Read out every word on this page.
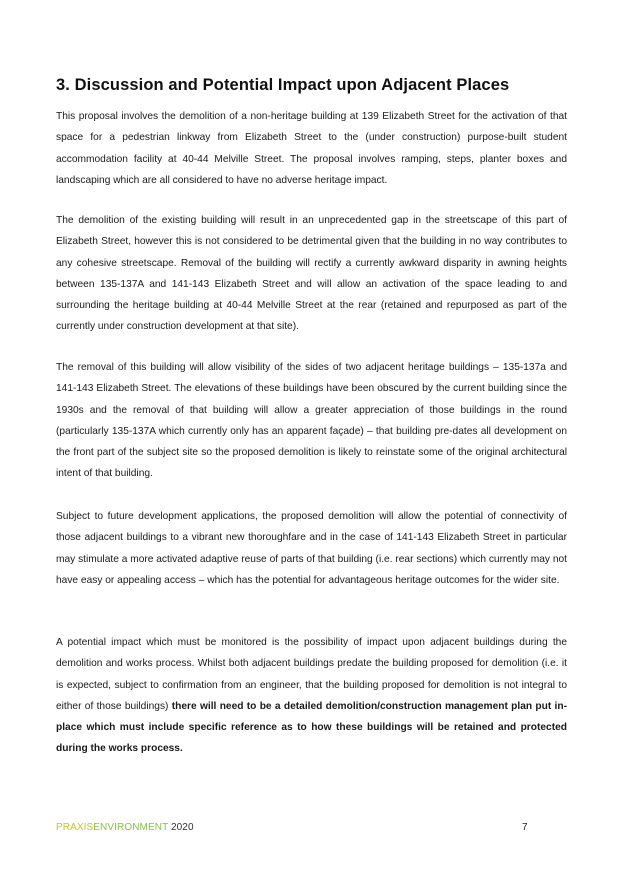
3. Discussion and Potential Impact upon Adjacent Places

This proposal involves the demolition of a non-heritage building at 139 Elizabeth Street for the activation of that space for a pedestrian linkway from Elizabeth Street to the (under construction) purpose-built student accommodation facility at 40-44 Melville Street. The proposal involves ramping, steps, planter boxes and landscaping which are all considered to have no adverse heritage impact.

The demolition of the existing building will result in an unprecedented gap in the streetscape of this part of Elizabeth Street, however this is not considered to be detrimental given that the building in no way contributes to any cohesive streetscape. Removal of the building will rectify a currently awkward disparity in awning heights between 135-137A and 141-143 Elizabeth Street and will allow an activation of the space leading to and surrounding the heritage building at 40-44 Melville Street at the rear (retained and repurposed as part of the currently under construction development at that site).

The removal of this building will allow visibility of the sides of two adjacent heritage buildings – 135-137a and 141-143 Elizabeth Street. The elevations of these buildings have been obscured by the current building since the 1930s and the removal of that building will allow a greater appreciation of those buildings in the round (particularly 135-137A which currently only has an apparent façade) – that building pre-dates all development on the front part of the subject site so the proposed demolition is likely to reinstate some of the original architectural intent of that building.

Subject to future development applications, the proposed demolition will allow the potential of connectivity of those adjacent buildings to a vibrant new thoroughfare and in the case of 141-143 Elizabeth Street in particular may stimulate a more activated adaptive reuse of parts of that building (i.e. rear sections) which currently may not have easy or appealing access – which has the potential for advantageous heritage outcomes for the wider site.

A potential impact which must be monitored is the possibility of impact upon adjacent buildings during the demolition and works process. Whilst both adjacent buildings predate the building proposed for demolition (i.e. it is expected, subject to confirmation from an engineer, that the building proposed for demolition is not integral to either of those buildings) there will need to be a detailed demolition/construction management plan put in-place which must include specific reference as to how these buildings will be retained and protected during the works process.

PRAXISENVIRONMENT 2020	7
